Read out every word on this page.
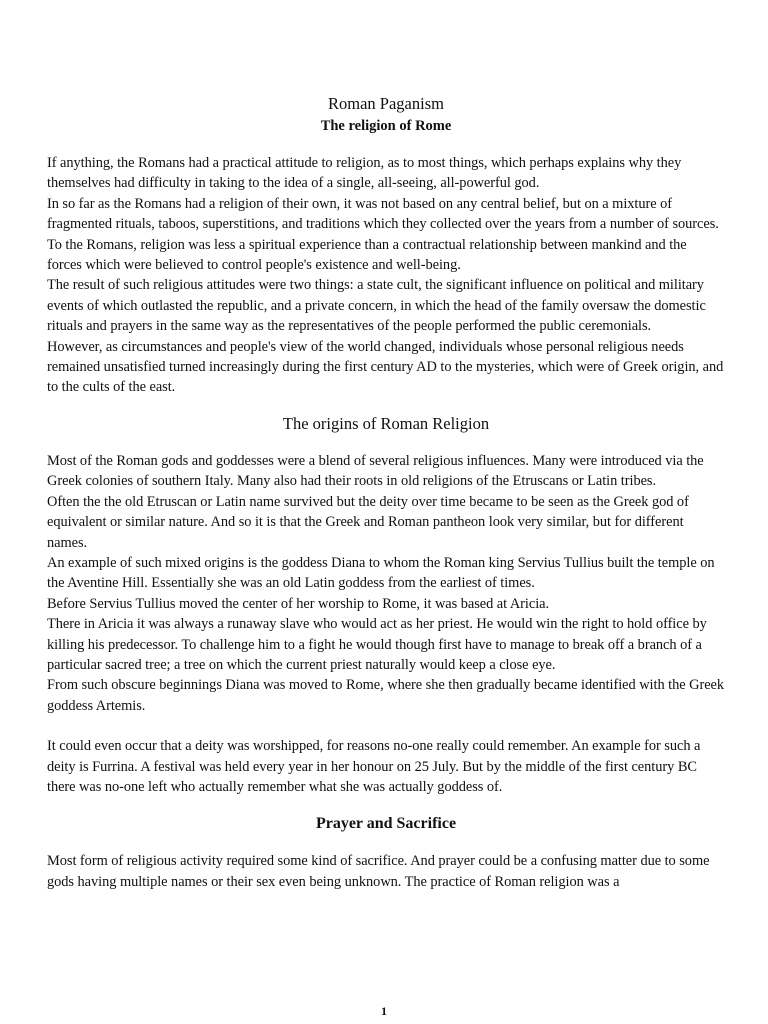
Roman Paganism
The religion of Rome

If anything, the Romans had a practical attitude to religion, as to most things, which perhaps explains why they themselves had difficulty in taking to the idea of a single, all-seeing, all-powerful god.

In so far as the Romans had a religion of their own, it was not based on any central belief, but on a mixture of fragmented rituals, taboos, superstitions, and traditions which they collected over the years from a number of sources.

To the Romans, religion was less a spiritual experience than a contractual relationship between mankind and the forces which were believed to control people's existence and well-being.

The result of such religious attitudes were two things: a state cult, the significant influence on political and military events of which outlasted the republic, and a private concern, in which the head of the family oversaw the domestic rituals and prayers in the same way as the representatives of the people performed the public ceremonials.

However, as circumstances and people's view of the world changed, individuals whose personal religious needs remained unsatisfied turned increasingly during the first century AD to the mysteries, which were of Greek origin, and to the cults of the east.

The origins of Roman Religion

Most of the Roman gods and goddesses were a blend of several religious influences. Many were introduced via the Greek colonies of southern Italy. Many also had their roots in old religions of the Etruscans or Latin tribes.

Often the the old Etruscan or Latin name survived but the deity over time became to be seen as the Greek god of equivalent or similar nature. And so it is that the Greek and Roman pantheon look very similar, but for different names.

An example of such mixed origins is the goddess Diana to whom the Roman king Servius Tullius built the temple on the Aventine Hill. Essentially she was an old Latin goddess from the earliest of times.

Before Servius Tullius moved the center of her worship to Rome, it was based at Aricia.

There in Aricia it was always a runaway slave who would act as her priest. He would win the right to hold office by killing his predecessor. To challenge him to a fight he would though first have to manage to break off a branch of a particular sacred tree; a tree on which the current priest naturally would keep a close eye.

From such obscure beginnings Diana was moved to Rome, where she then gradually became identified with the Greek goddess Artemis.

It could even occur that a deity was worshipped, for reasons no-one really could remember. An example for such a deity is Furrina. A festival was held every year in her honour on 25 July. But by the middle of the first century BC there was no-one left who actually remember what she was actually goddess of.

Prayer and Sacrifice

Most form of religious activity required some kind of sacrifice. And prayer could be a confusing matter due to some gods having multiple names or their sex even being unknown. The practice of Roman religion was a

1
